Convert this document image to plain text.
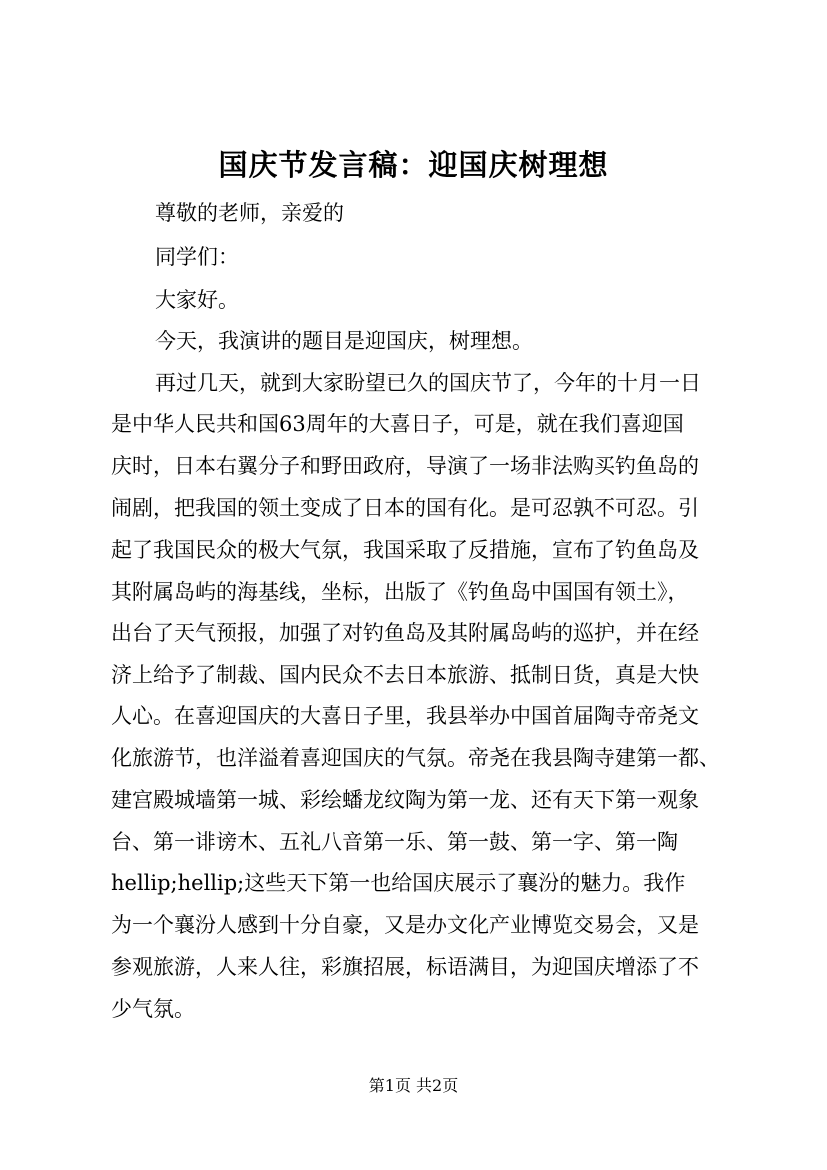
国庆节发言稿：迎国庆树理想
尊敬的老师，亲爱的
同学们：
大家好。
今天，我演讲的题目是迎国庆，树理想。
再过几天，就到大家盼望已久的国庆节了，今年的十月一日
是中华人民共和国63周年的大喜日子，可是，就在我们喜迎国
庆时，日本右翼分子和野田政府，导演了一场非法购买钓鱼岛的
闹剧，把我国的领土变成了日本的国有化。是可忍孰不可忍。引
起了我国民众的极大气氛，我国采取了反措施，宣布了钓鱼岛及
其附属岛屿的海基线，坐标，出版了《钓鱼岛中国国有领土》，
出台了天气预报，加强了对钓鱼岛及其附属岛屿的巡护，并在经
济上给予了制裁、国内民众不去日本旅游、抵制日货，真是大快
人心。在喜迎国庆的大喜日子里，我县举办中国首届陶寺帝尧文
化旅游节，也洋溢着喜迎国庆的气氛。帝尧在我县陶寺建第一都、
建宫殿城墙第一城、彩绘蟠龙纹陶为第一龙、还有天下第一观象
台、第一诽谤木、五礼八音第一乐、第一鼓、第一字、第一陶
hellip;hellip;这些天下第一也给国庆展示了襄汾的魅力。我作
为一个襄汾人感到十分自豪，又是办文化产业博览交易会，又是
参观旅游，人来人往，彩旗招展，标语满目，为迎国庆增添了不
少气氛。
第1页 共2页
